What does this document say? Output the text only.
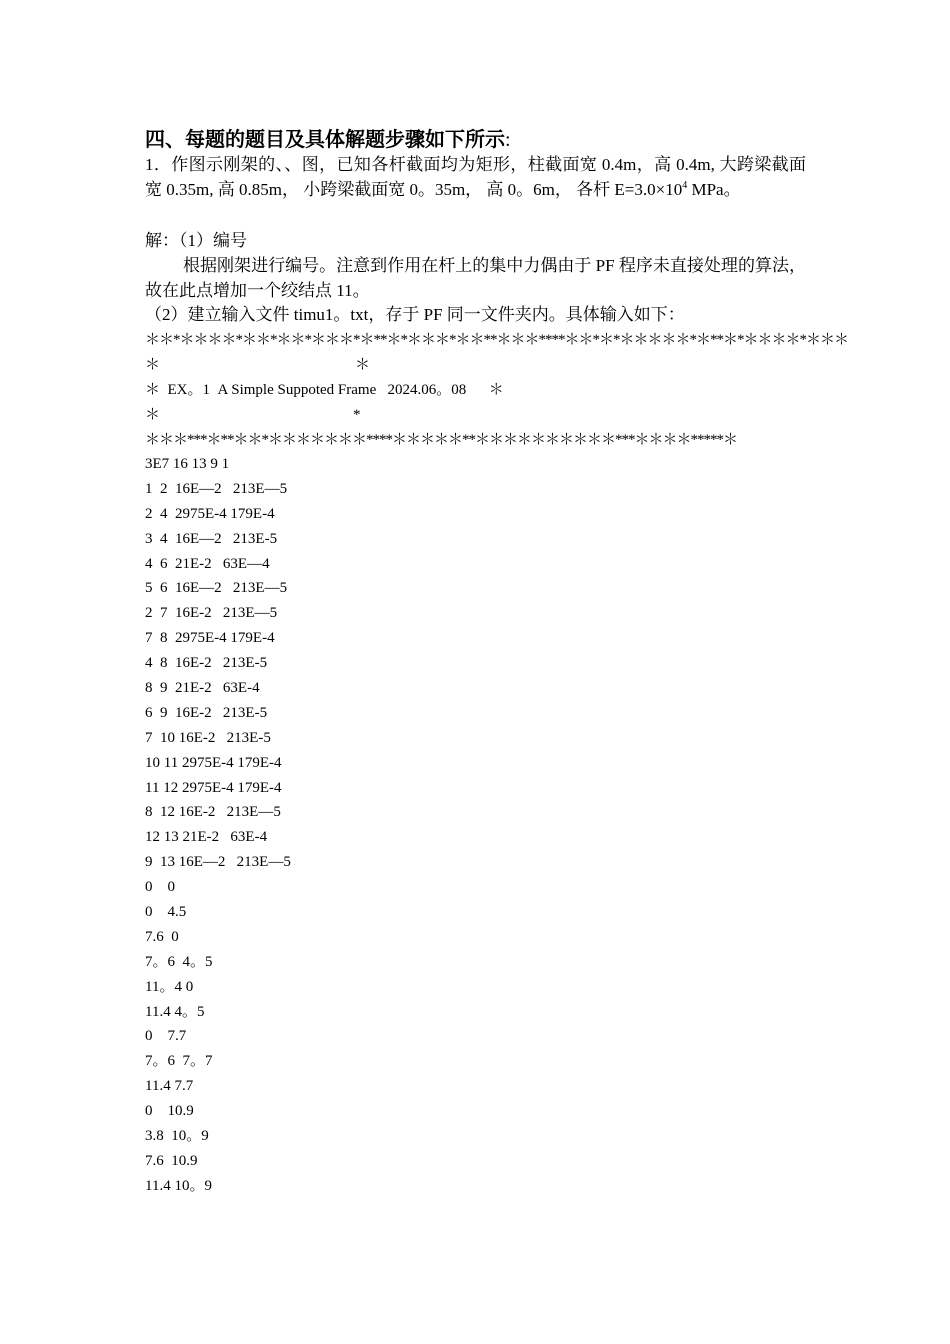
四、每题的题目及具体解题步骤如下所示:
1．作图示刚架的、、图，已知各杆截面均为矩形，柱截面宽 0.4m，高 0.4m, 大跨梁截面宽 0.35m, 高 0.85m， 小跨梁截面宽 0。35m， 高 0。6m， 各杆 $E=3.0\times 10^4$ MPa。
解：（1）编号
根据刚架进行编号。注意到作用在杆上的集中力偶由于 PF 程序未直接处理的算法，故在此点增加一个绞结点 11。
（2）建立输入文件 timu1。txt，存于 PF 同一文件夹内。具体输入如下：
＊＊*＊＊＊＊*＊＊*＊＊*＊＊＊*＊**＊*＊＊＊*＊＊**＊＊＊****＊＊*＊*＊＊＊＊＊*＊**＊*＊＊＊＊*＊＊＊
＊	＊
＊  EX。1  A Simple Suppoted Frame   2024.06。08      ＊
＊	*
＊＊＊***＊**＊＊*＊＊＊＊＊＊＊****＊＊＊＊＊**＊＊＊＊＊＊＊＊＊＊***＊＊＊＊*****＊
3E7 16 13 9 1
1  2  16E—2   213E—5
2  4  2975E-4 179E-4
3  4  16E—2   213E-5
4  6  21E-2   63E—4
5  6  16E—2   213E—5
2  7  16E-2   213E—5
7  8  2975E-4 179E-4
4  8  16E-2   213E-5
8  9  21E-2   63E-4
6  9  16E-2   213E-5
7  10 16E-2   213E-5
10 11 2975E-4 179E-4
11 12 2975E-4 179E-4
8  12 16E-2   213E—5
12 13 21E-2   63E-4
9  13 16E—2   213E—5
0    0
0    4.5
7.6  0
7。6  4。5
11。4 0
11.4 4。5
0    7.7
7。6  7。7
11.4 7.7
0    10.9
3.8  10。9
7.6  10.9
11.4 10。9
